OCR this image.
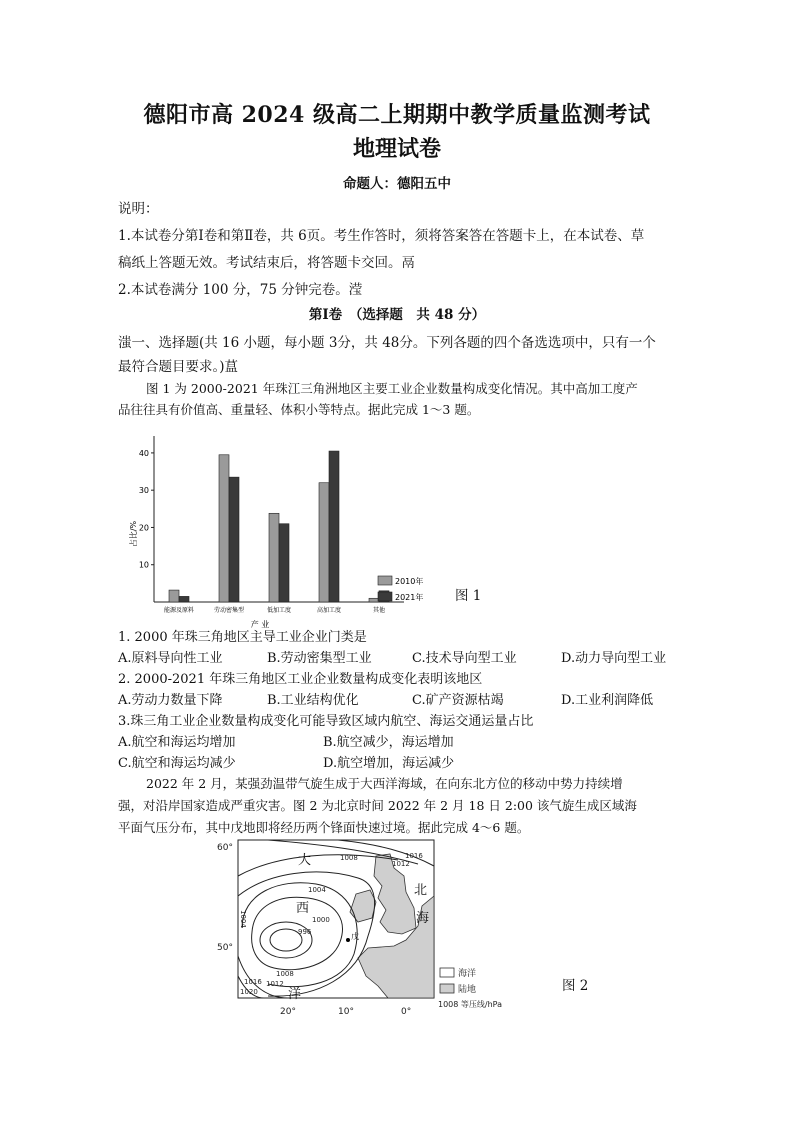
德阳市高 2024 级高二上期期中教学质量监测考试
地理试卷
命题人：德阳五中
说明：
1.本试卷分第Ⅰ卷和第Ⅱ卷，共 6页。考生作答时，须将答案答在答题卡上，在本试卷、草
稿纸上答题无效。考试结束后，将答题卡交回。鬲
2.本试卷满分 100 分，75 分钟完卷。滢
第Ⅰ卷　（选择题　共 48 分）
滍一、选择题(共 16 小题，每小题 3分，共 48分。下列各题的四个备选选项中，只有一个
最符合题目要求。)蒀
图 1 为 2000-2021 年珠江三角洲地区主要工业企业数量构成变化情况。其中高加工度产
品往往具有价值高、重量轻、体积小等特点。据此完成 1～3 题。
占比/%
10
20
30
40
能源及原料	劳动密集型	低加工度	高加工度	其他
2010年
2021年
产 业
图 1
1. 2000 年珠三角地区主导工业企业门类是
A.原料导向性工业	B.劳动密集型工业	C.技术导向型工业	D.动力导向型工业
2. 2000-2021 年珠三角地区工业企业数量构成变化表明该地区
A.劳动力数量下降	B.工业结构优化	C.矿产资源枯竭	D.工业利润降低
3.珠三角工业企业数量构成变化可能导致区域内航空、海运交通运量占比
A.航空和海运均增加	B.航空减少，海运增加
C.航空和海运均减少	D.航空增加，海运减少
2022 年 2 月，某强劲温带气旋生成于大西洋海域，在向东北方位的移动中势力持续增
强，对沿岸国家造成严重灾害。图 2 为北京时间 2022 年 2 月 18 日 2:00 该气旋生成区域海
平面气压分布，其中戊地即将经历两个锋面快速过境。据此完成 4～6 题。
1016
1012
1008
1004
1000
996
1004
1008
1012
1016
1020
大
北
海
西
洋
戊
60°
50°
20°	10°	0°
海洋
陆地
1008 等压线/hPa
图 2
